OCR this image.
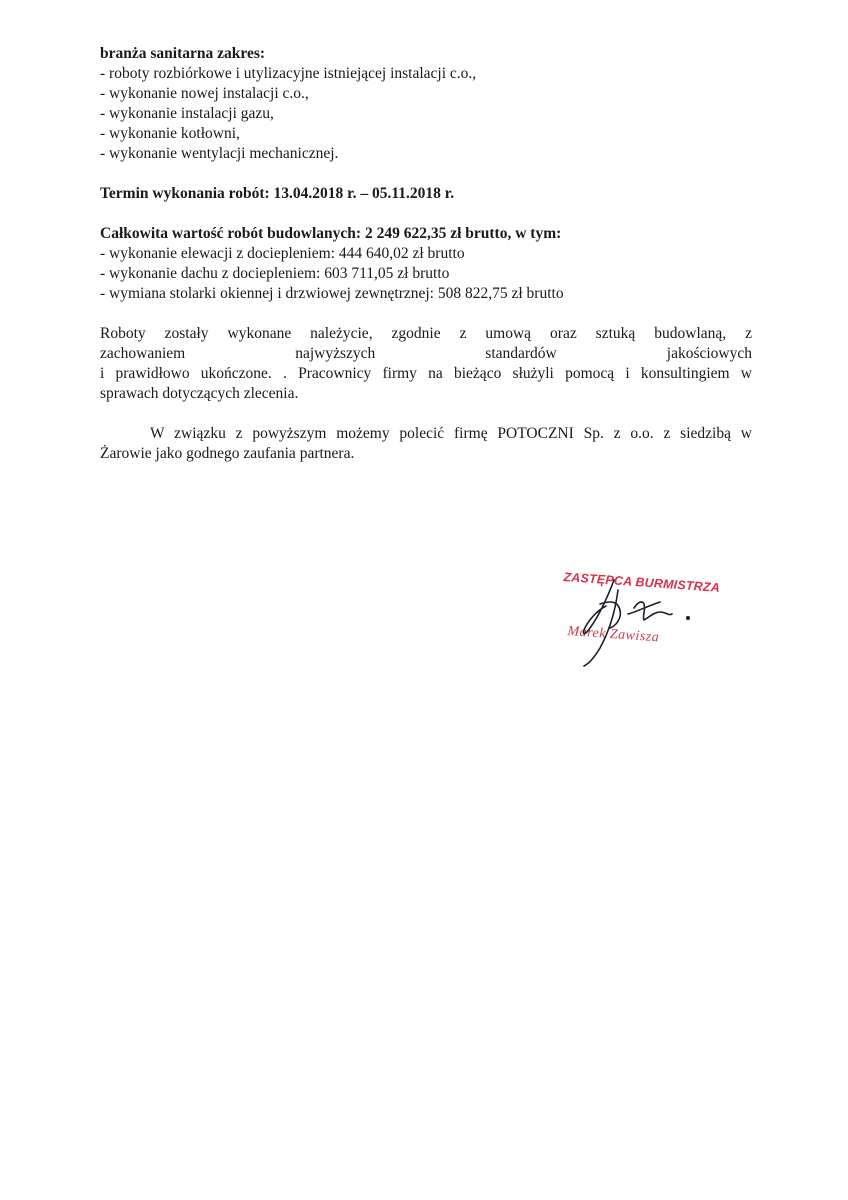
branża sanitarna zakres:
- roboty rozbiórkowe i utylizacyjne istniejącej instalacji c.o.,
- wykonanie nowej instalacji c.o.,
- wykonanie instalacji gazu,
- wykonanie kotłowni,
- wykonanie wentylacji mechanicznej.
Termin wykonania robót: 13.04.2018 r. – 05.11.2018 r.
Całkowita wartość robót budowlanych: 2 249 622,35 zł brutto, w tym:
- wykonanie elewacji z dociepleniem: 444 640,02 zł brutto
- wykonanie dachu z dociepleniem: 603 711,05 zł brutto
- wymiana stolarki okiennej i drzwiowej zewnętrznej: 508 822,75 zł brutto
Roboty zostały wykonane należycie, zgodnie z umową oraz sztuką budowlaną, z
zachowaniem najwyższych standardów jakościowych
i prawidłowo ukończone. . Pracownicy firmy na bieżąco służyli pomocą i konsultingiem w
sprawach dotyczących zlecenia.
W związku z powyższym możemy polecić firmę POTOCZNI Sp. z o.o. z siedzibą w
Żarowie jako godnego zaufania partnera.
ZASTĘPCA BURMISTRZA
Marek Zawisza
